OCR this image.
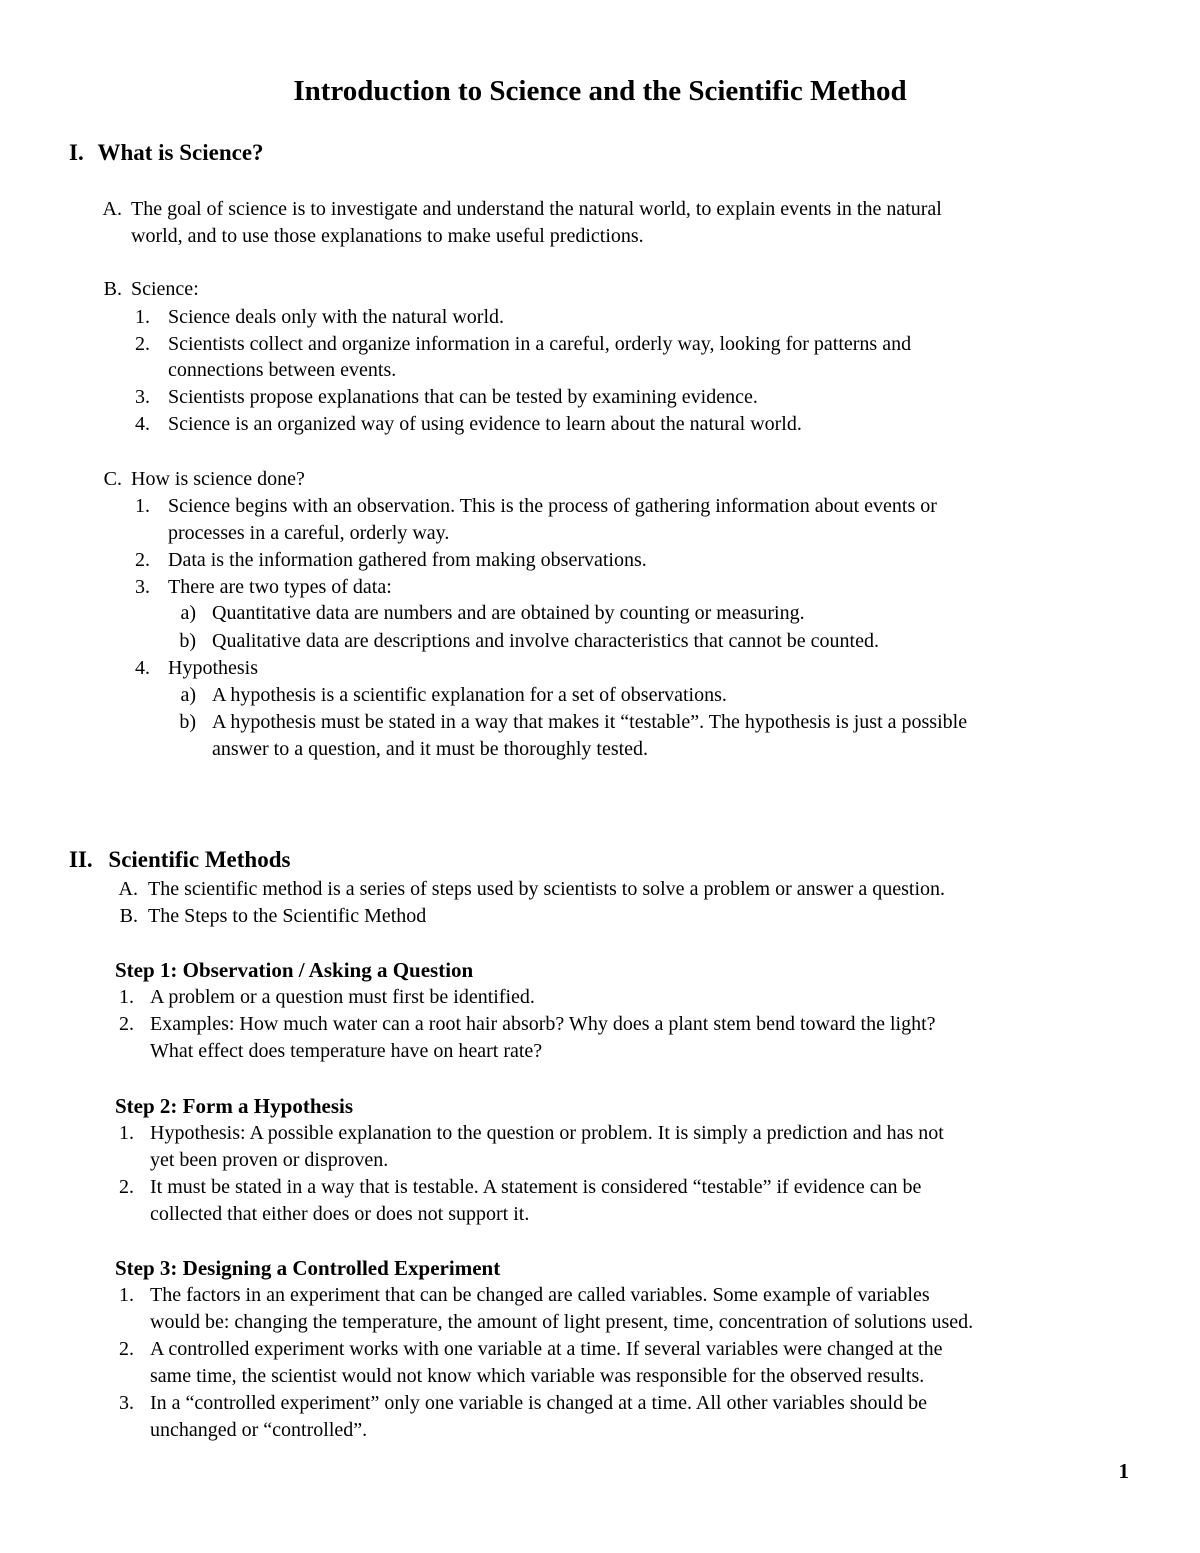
Introduction to Science and the Scientific Method
I. What is Science?
A. The goal of science is to investigate and understand the natural world, to explain events in the natural
world, and to use those explanations to make useful predictions.
B. Science:
1. Science deals only with the natural world.
2. Scientists collect and organize information in a careful, orderly way, looking for patterns and
connections between events.
3. Scientists propose explanations that can be tested by examining evidence.
4. Science is an organized way of using evidence to learn about the natural world.
C. How is science done?
1. Science begins with an observation. This is the process of gathering information about events or
processes in a careful, orderly way.
2. Data is the information gathered from making observations.
3. There are two types of data:
a) Quantitative data are numbers and are obtained by counting or measuring.
b) Qualitative data are descriptions and involve characteristics that cannot be counted.
4. Hypothesis
a) A hypothesis is a scientific explanation for a set of observations.
b) A hypothesis must be stated in a way that makes it “testable”. The hypothesis is just a possible
answer to a question, and it must be thoroughly tested.
II. Scientific Methods
A. The scientific method is a series of steps used by scientists to solve a problem or answer a question.
B. The Steps to the Scientific Method
Step 1: Observation / Asking a Question
1. A problem or a question must first be identified.
2. Examples: How much water can a root hair absorb? Why does a plant stem bend toward the light?
What effect does temperature have on heart rate?
Step 2: Form a Hypothesis
1. Hypothesis: A possible explanation to the question or problem. It is simply a prediction and has not
yet been proven or disproven.
2. It must be stated in a way that is testable. A statement is considered “testable” if evidence can be
collected that either does or does not support it.
Step 3: Designing a Controlled Experiment
1. The factors in an experiment that can be changed are called variables. Some example of variables
would be: changing the temperature, the amount of light present, time, concentration of solutions used.
2. A controlled experiment works with one variable at a time. If several variables were changed at the
same time, the scientist would not know which variable was responsible for the observed results.
3. In a “controlled experiment” only one variable is changed at a time. All other variables should be
unchanged or “controlled”.
1
